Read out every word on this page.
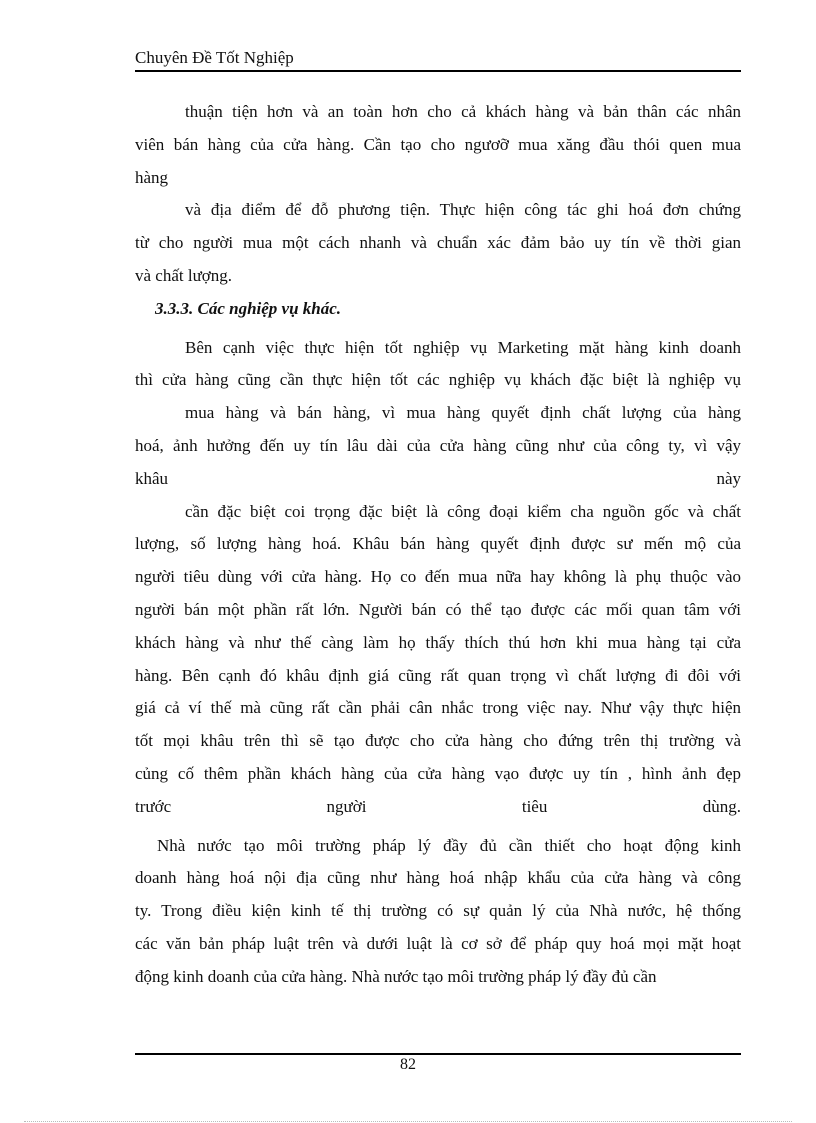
Chuyên Đề Tốt Nghiệp
thuận tiện hơn và an toàn hơn cho cả khách hàng và bản thân các nhân
viên bán hàng của cửa hàng. Cần tạo cho ngươỡ mua xăng đầu thói quen mua
hàng
và địa điểm để đỗ phương tiện. Thực hiện công tác ghi hoá đơn chứng
từ cho người mua một cách nhanh và chuẩn xác đảm bảo uy tín về thời gian
và chất lượng.
3.3.3. Các nghiệp vụ khác.
Bên cạnh việc thực hiện tốt nghiệp vụ Marketing mặt hàng kinh doanh
thì cửa hàng cũng cần thực hiện tốt các nghiệp vụ khách đặc biệt là nghiệp vụ
mua hàng và bán hàng, vì mua hàng quyết định chất lượng của hàng
hoá, ảnh hưởng đến uy tín lâu dài của cửa hàng cũng như của công ty, vì vậy
khâu này
cần đặc biệt coi trọng đặc biệt là công đoại kiểm cha nguồn gốc và chất
lượng, số lượng hàng hoá. Khâu bán hàng quyết định được sư mến mộ của
người tiêu dùng với cửa hàng. Họ co đến mua nữa hay không là phụ thuộc vào
người bán một phần rất lớn. Người bán có thể tạo được các mối quan tâm với
khách hàng và như thế càng làm họ thấy thích thú hơn khi mua hàng tại cửa
hàng. Bên cạnh đó khâu định giá cũng rất quan trọng vì chất lượng đi đôi với
giá cả ví thế mà cũng rất cần phải cân nhắc trong việc nay. Như vậy thực hiện
tốt mọi khâu trên thì sẽ tạo được cho cửa hàng cho đứng trên thị trường và
củng cố thêm phần khách hàng của cửa hàng vạo được uy tín , hình ảnh đẹp
trước người tiêu dùng.
Nhà nước tạo môi trường pháp lý đầy đủ cần thiết cho hoạt động kinh
doanh hàng hoá nội địa cũng như hàng hoá nhập khẩu của cửa hàng và công
ty. Trong điều kiện kinh tế thị trường có sự quản lý của Nhà nước, hệ thống
các văn bản pháp luật trên và dưới luật là cơ sở để pháp quy hoá mọi mặt hoạt
động kinh doanh của cửa hàng. Nhà nước tạo môi trường pháp lý đầy đủ cần
82
